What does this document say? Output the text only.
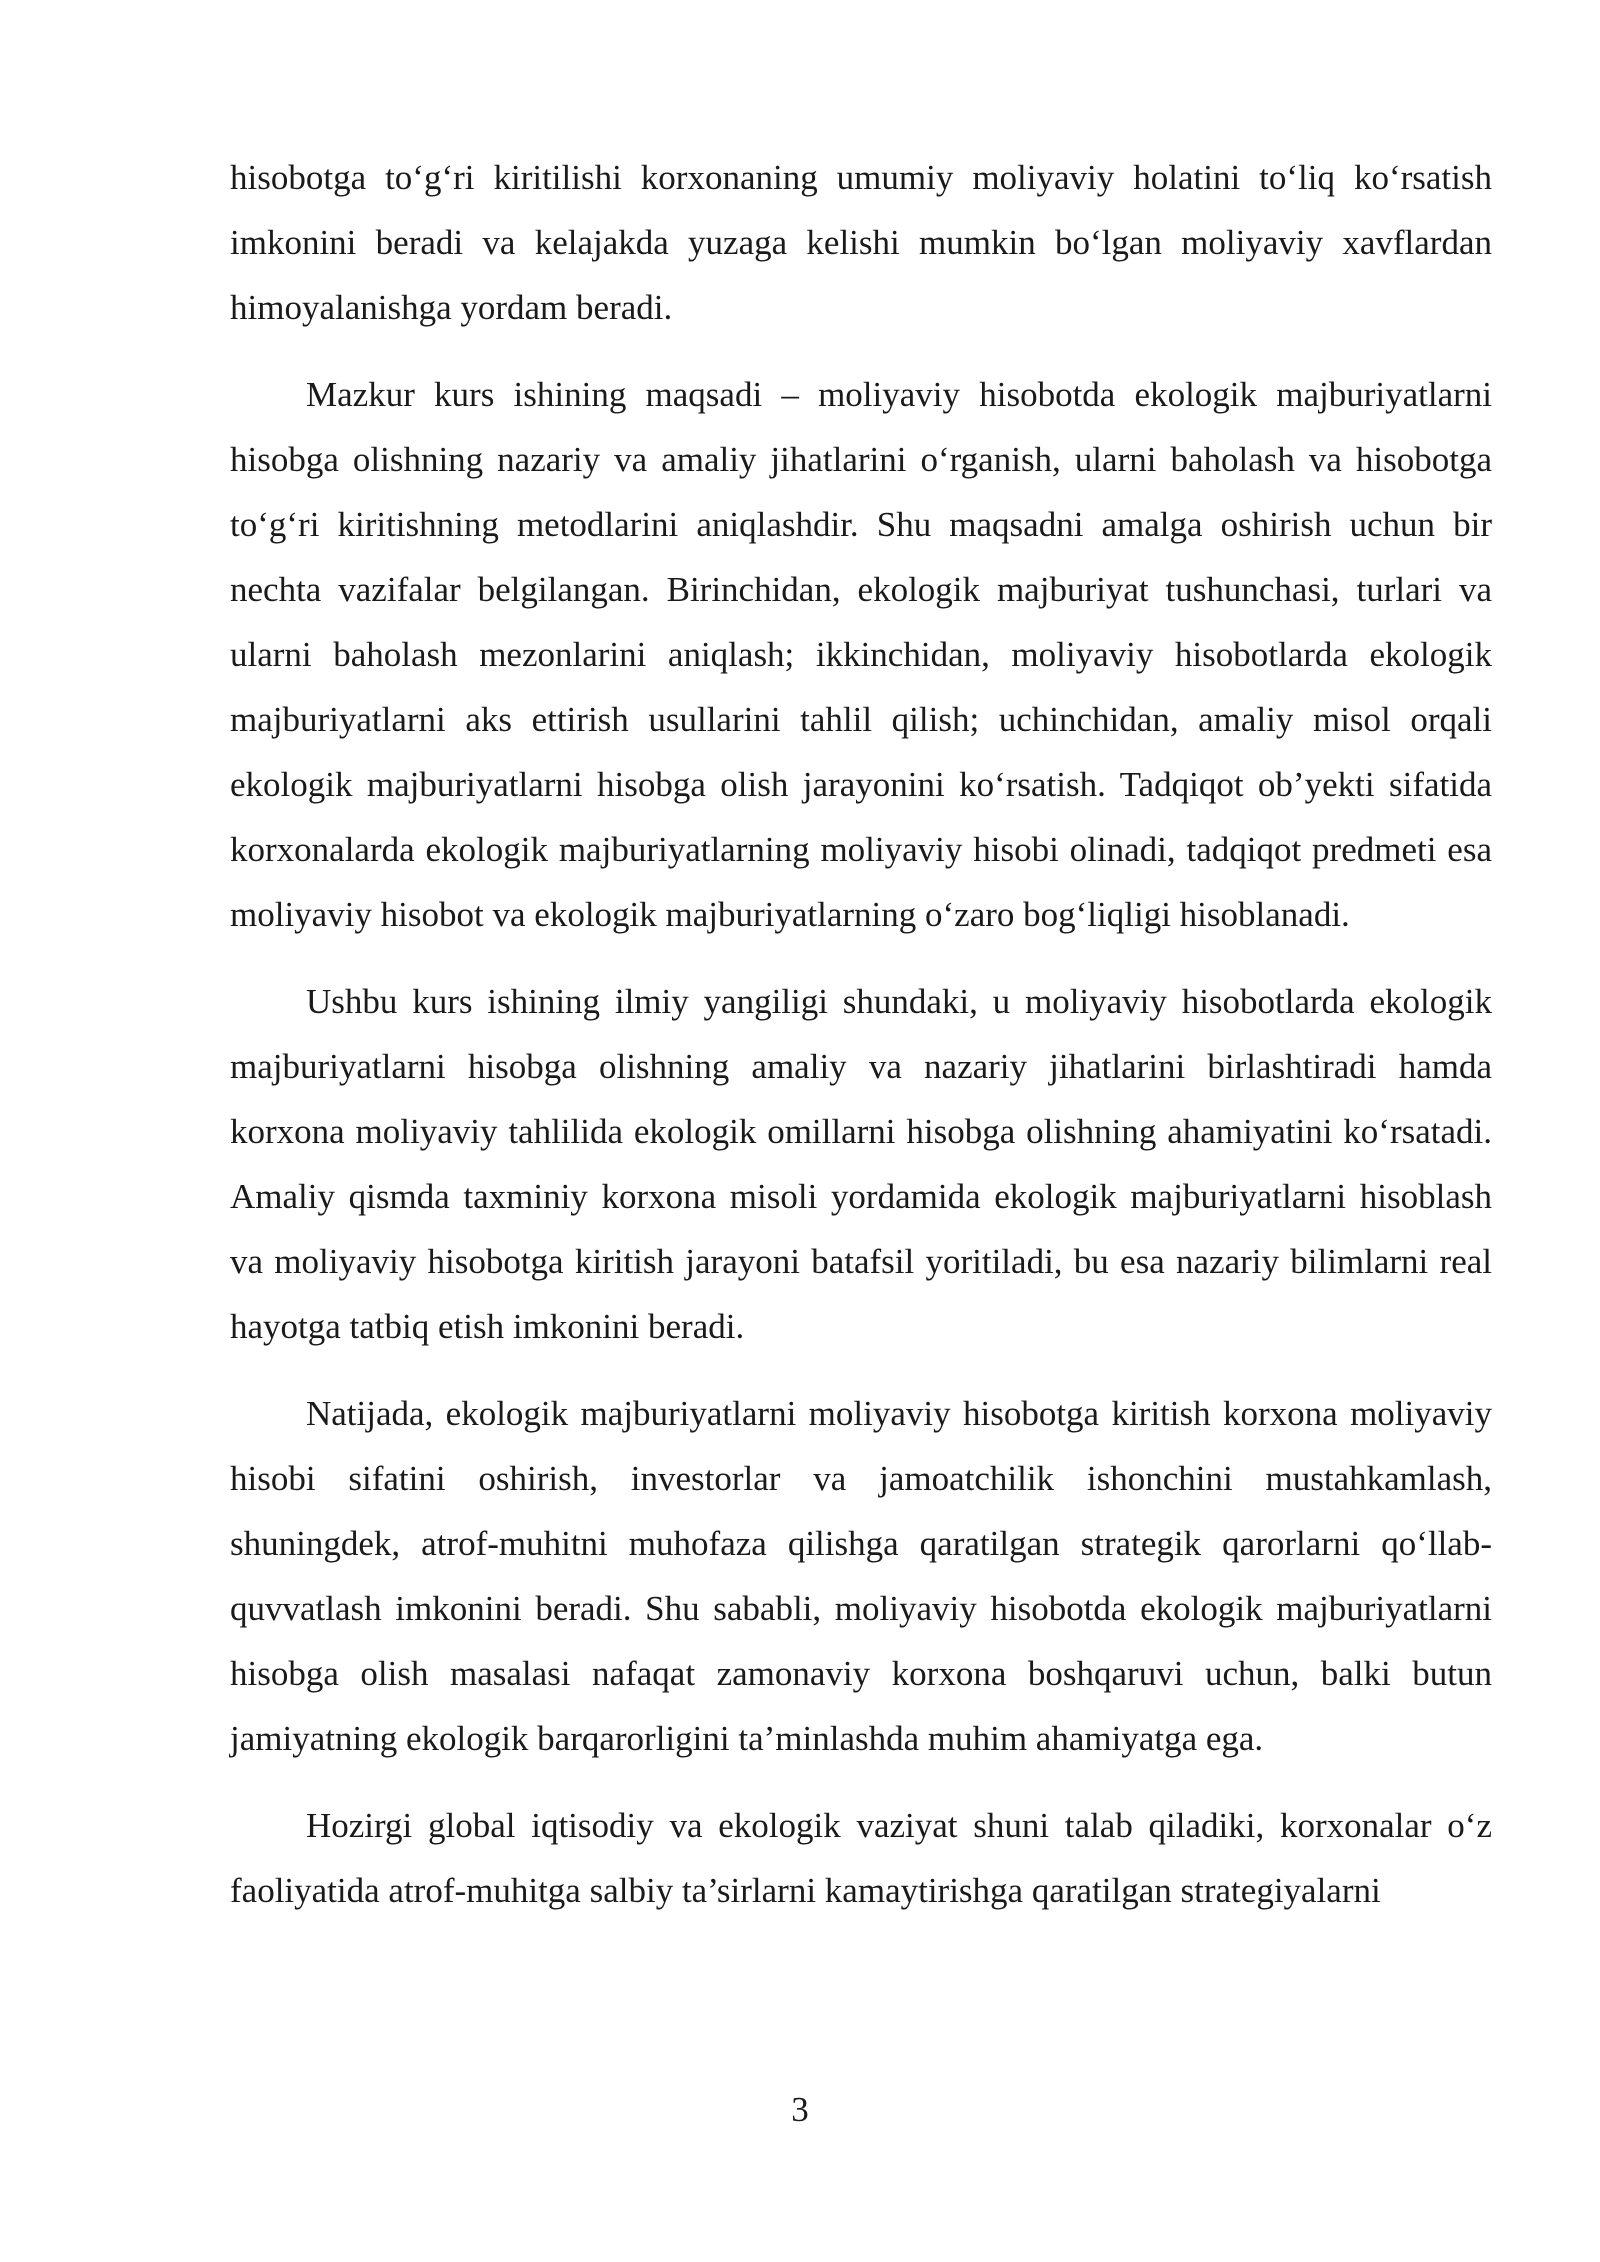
hisobotga to‘g‘ri kiritilishi korxonaning umumiy moliyaviy holatini to‘liq ko‘rsatish imkonini beradi va kelajakda yuzaga kelishi mumkin bo‘lgan moliyaviy xavflardan himoyalanishga yordam beradi.

Mazkur kurs ishining maqsadi – moliyaviy hisobotda ekologik majburiyatlarni hisobga olishning nazariy va amaliy jihatlarini o‘rganish, ularni baholash va hisobotga to‘g‘ri kiritishning metodlarini aniqlashdir. Shu maqsadni amalga oshirish uchun bir nechta vazifalar belgilangan. Birinchidan, ekologik majburiyat tushunchasi, turlari va ularni baholash mezonlarini aniqlash; ikkinchidan, moliyaviy hisobotlarda ekologik majburiyatlarni aks ettirish usullarini tahlil qilish; uchinchidan, amaliy misol orqali ekologik majburiyatlarni hisobga olish jarayonini ko‘rsatish. Tadqiqot ob’yekti sifatida korxonalarda ekologik majburiyatlarning moliyaviy hisobi olinadi, tadqiqot predmeti esa moliyaviy hisobot va ekologik majburiyatlarning o‘zaro bog‘liqligi hisoblanadi.

Ushbu kurs ishining ilmiy yangiligi shundaki, u moliyaviy hisobotlarda ekologik majburiyatlarni hisobga olishning amaliy va nazariy jihatlarini birlashtiradi hamda korxona moliyaviy tahlilida ekologik omillarni hisobga olishning ahamiyatini ko‘rsatadi. Amaliy qismda taxminiy korxona misoli yordamida ekologik majburiyatlarni hisoblash va moliyaviy hisobotga kiritish jarayoni batafsil yoritiladi, bu esa nazariy bilimlarni real hayotga tatbiq etish imkonini beradi.

Natijada, ekologik majburiyatlarni moliyaviy hisobotga kiritish korxona moliyaviy hisobi sifatini oshirish, investorlar va jamoatchilik ishonchini mustahkamlash, shuningdek, atrof-muhitni muhofaza qilishga qaratilgan strategik qarorlarni qo‘llab-quvvatlash imkonini beradi. Shu sababli, moliyaviy hisobotda ekologik majburiyatlarni hisobga olish masalasi nafaqat zamonaviy korxona boshqaruvi uchun, balki butun jamiyatning ekologik barqarorligini ta’minlashda muhim ahamiyatga ega.

Hozirgi global iqtisodiy va ekologik vaziyat shuni talab qiladiki, korxonalar o‘z faoliyatida atrof-muhitga salbiy ta’sirlarni kamaytirishga qaratilgan strategiyalarni

3
